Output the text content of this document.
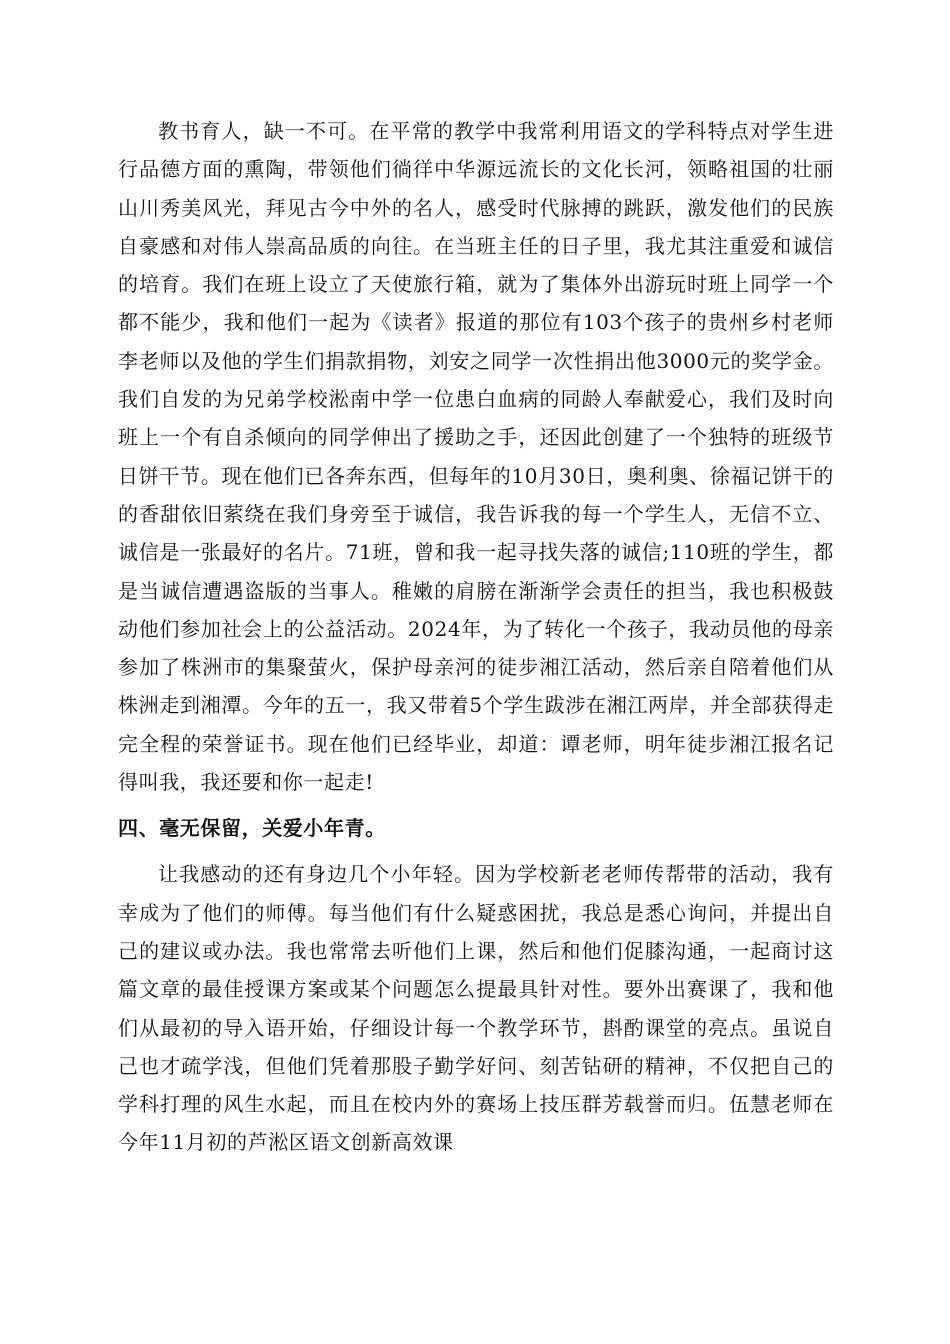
教书育人，缺一不可。在平常的教学中我常利用语文的学科特点对学生进行品德方面的熏陶，带领他们徜徉中华源远流长的文化长河，领略祖国的壮丽山川秀美风光，拜见古今中外的名人，感受时代脉搏的跳跃，激发他们的民族自豪感和对伟人崇高品质的向往。在当班主任的日子里，我尤其注重爱和诚信的培育。我们在班上设立了天使旅行箱，就为了集体外出游玩时班上同学一个都不能少，我和他们一起为《读者》报道的那位有103个孩子的贵州乡村老师李老师以及他的学生们捐款捐物，刘安之同学一次性捐出他3000元的奖学金。我们自发的为兄弟学校淞南中学一位患白血病的同龄人奉献爱心，我们及时向班上一个有自杀倾向的同学伸出了援助之手，还因此创建了一个独特的班级节日饼干节。现在他们已各奔东西，但每年的10月30日，奥利奥、徐福记饼干的的香甜依旧萦绕在我们身旁至于诚信，我告诉我的每一个学生人，无信不立、诚信是一张最好的名片。71班，曾和我一起寻找失落的诚信;110班的学生，都是当诚信遭遇盗版的当事人。稚嫩的肩膀在渐渐学会责任的担当，我也积极鼓动他们参加社会上的公益活动。2024年，为了转化一个孩子，我动员他的母亲参加了株洲市的集聚萤火，保护母亲河的徒步湘江活动，然后亲自陪着他们从株洲走到湘潭。今年的五一，我又带着5个学生跋涉在湘江两岸，并全部获得走完全程的荣誉证书。现在他们已经毕业，却道：谭老师，明年徒步湘江报名记得叫我，我还要和你一起走!

四、毫无保留，关爱小年青。

让我感动的还有身边几个小年轻。因为学校新老老师传帮带的活动，我有幸成为了他们的师傅。每当他们有什么疑惑困扰，我总是悉心询问，并提出自己的建议或办法。我也常常去听他们上课，然后和他们促膝沟通，一起商讨这篇文章的最佳授课方案或某个问题怎么提最具针对性。要外出赛课了，我和他们从最初的导入语开始，仔细设计每一个教学环节，斟酌课堂的亮点。虽说自己也才疏学浅，但他们凭着那股子勤学好问、刻苦钻研的精神，不仅把自己的学科打理的风生水起，而且在校内外的赛场上技压群芳载誉而归。伍慧老师在今年11月初的芦淞区语文创新高效课
